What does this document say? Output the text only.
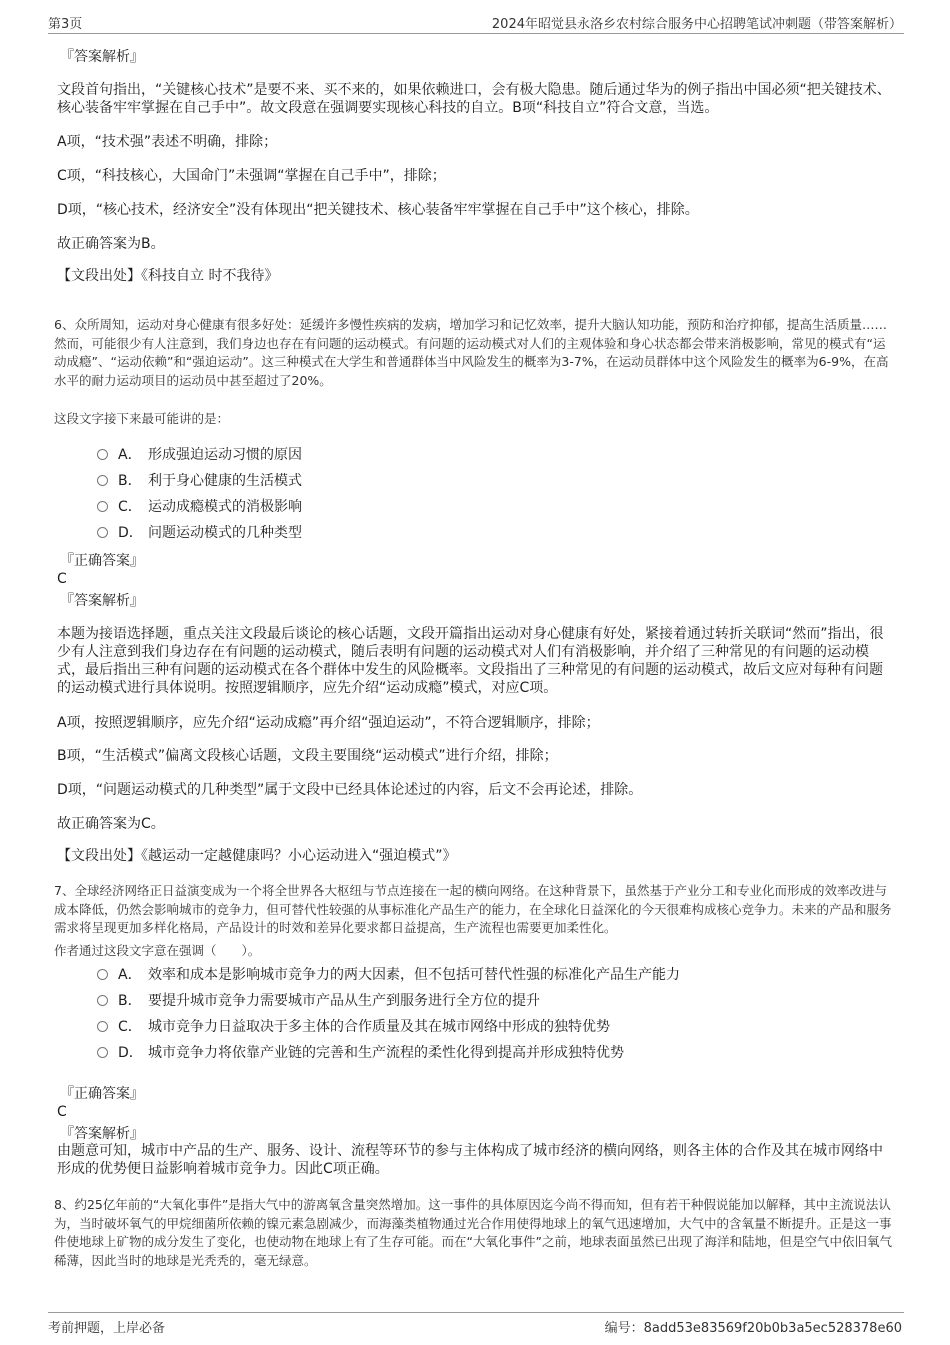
第3页	2024年昭觉县永洛乡农村综合服务中心招聘笔试冲刺题（带答案解析）
『答案解析』

文段首句指出，“关键核心技术”是要不来、买不来的，如果依赖进口，会有极大隐患。随后通过华为的例子指出中国必须“把关键技术、核心装备牢牢掌握在自己手中”。故文段意在强调要实现核心科技的自立。B项“科技自立”符合文意，当选。

A项，“技术强”表述不明确，排除；

C项，“科技核心，大国命门”未强调“掌握在自己手中”，排除；

D项，“核心技术，经济安全”没有体现出“把关键技术、核心装备牢牢掌握在自己手中”这个核心，排除。

故正确答案为B。

【文段出处】《科技自立 时不我待》

6、众所周知，运动对身心健康有很多好处：延缓许多慢性疾病的发病，增加学习和记忆效率，提升大脑认知功能，预防和治疗抑郁，提高生活质量……然而，可能很少有人注意到，我们身边也存在有问题的运动模式。有问题的运动模式对人们的主观体验和身心状态都会带来消极影响，常见的模式有“运动成瘾”、“运动依赖”和“强迫运动”。这三种模式在大学生和普通群体当中风险发生的概率为3-7%，在运动员群体中这个风险发生的概率为6-9%，在高水平的耐力运动项目的运动员中甚至超过了20%。

这段文字接下来最可能讲的是：

A． 形成强迫运动习惯的原因
B． 利于身心健康的生活模式
C． 运动成瘾模式的消极影响
D． 问题运动模式的几种类型
『正确答案』
C
『答案解析』

本题为接语选择题，重点关注文段最后谈论的核心话题，文段开篇指出运动对身心健康有好处，紧接着通过转折关联词“然而”指出，很少有人注意到我们身边存在有问题的运动模式，随后表明有问题的运动模式对人们有消极影响，并介绍了三种常见的有问题的运动模式，最后指出三种有问题的运动模式在各个群体中发生的风险概率。文段指出了三种常见的有问题的运动模式，故后文应对每种有问题的运动模式进行具体说明。按照逻辑顺序，应先介绍“运动成瘾”模式，对应C项。

A项，按照逻辑顺序，应先介绍“运动成瘾”再介绍“强迫运动”，不符合逻辑顺序，排除；

B项，“生活模式”偏离文段核心话题，文段主要围绕“运动模式”进行介绍，排除；

D项，“问题运动模式的几种类型”属于文段中已经具体论述过的内容，后文不会再论述，排除。

故正确答案为C。

【文段出处】《越运动一定越健康吗？小心运动进入“强迫模式”》

7、全球经济网络正日益演变成为一个将全世界各大枢纽与节点连接在一起的横向网络。在这种背景下，虽然基于产业分工和专业化而形成的效率改进与成本降低，仍然会影响城市的竞争力，但可替代性较强的从事标准化产品生产的能力，在全球化日益深化的今天很难构成核心竞争力。未来的产品和服务需求将呈现更加多样化格局，产品设计的时效和差异化要求都日益提高，生产流程也需要更加柔性化。

作者通过这段文字意在强调（　　）。

A． 效率和成本是影响城市竞争力的两大因素，但不包括可替代性强的标准化产品生产能力
B． 要提升城市竞争力需要城市产品从生产到服务进行全方位的提升
C． 城市竞争力日益取决于多主体的合作质量及其在城市网络中形成的独特优势
D． 城市竞争力将依靠产业链的完善和生产流程的柔性化得到提高并形成独特优势
『正确答案』
C
『答案解析』

由题意可知，城市中产品的生产、服务、设计、流程等环节的参与主体构成了城市经济的横向网络，则各主体的合作及其在城市网络中形成的优势便日益影响着城市竞争力。因此C项正确。

8、约25亿年前的“大氧化事件”是指大气中的游离氧含量突然增加。这一事件的具体原因迄今尚不得而知，但有若干种假说能加以解释，其中主流说法认为，当时破坏氧气的甲烷细菌所依赖的镍元素急剧减少，而海藻类植物通过光合作用使得地球上的氧气迅速增加，大气中的含氧量不断提升。正是这一事件使地球上矿物的成分发生了变化，也使动物在地球上有了生存可能。而在“大氧化事件”之前，地球表面虽然已出现了海洋和陆地，但是空气中依旧氧气稀薄，因此当时的地球是光秃秃的，毫无绿意。

考前押题，上岸必备	编号：8add53e83569f20b0b3a5ec528378e60
